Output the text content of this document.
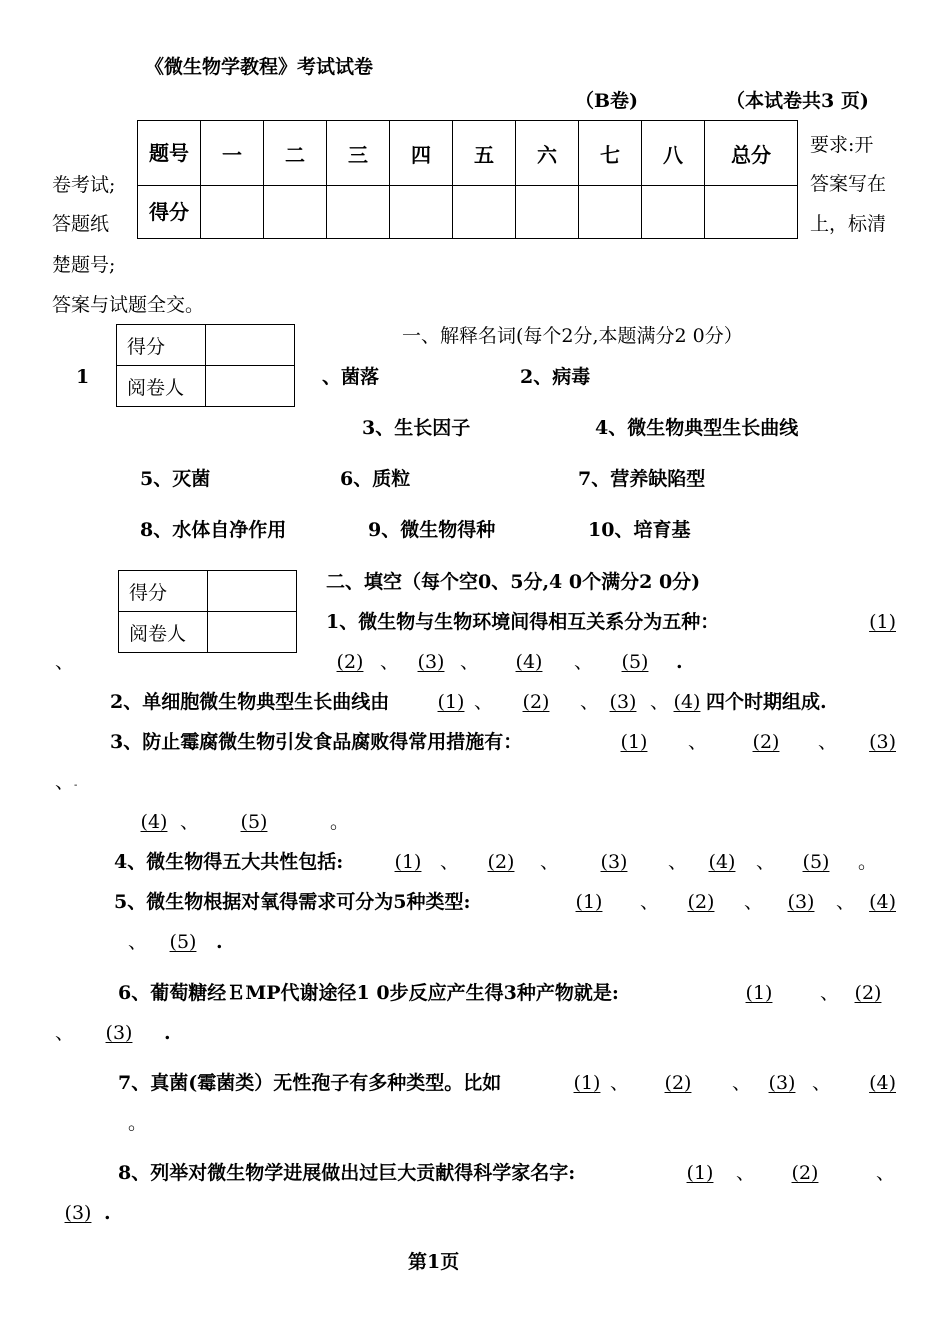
《微生物学教程》考试试卷
（B卷)	（本试卷共3 页)
卷考试;
答题纸
要求:开
答案写在
上，标清
楚题号;
答案与试题全交。
题号	一	二	三	四	五	六	七	八	总分
得分									
得分	
阅卷人	
一、解释名词(每个2分,本题满分2 0分）
1	、菌落	2、病毒
3、生长因子	4、微生物典型生长曲线
5、灭菌	6、质粒	7、营养缺陷型
8、水体自净作用	9、微生物得种	10、培育基
得分	
阅卷人	
二、填空（每个空0、5分,4 0个满分2 0分)
1、微生物与生物环境间得相互关系分为五种：	(1)
、	(2) 、 (3) 、	(4)	、	(5)	.
2、单细胞微生物典型生长曲线由	(1) 、	(2)	、 (3) 、 (4) 四个时期组成.
3、防止霉腐微生物引发食品腐败得常用措施有：	(1)	、	(2)	、	(3)
、-
(4) 、	(5)	。
4、微生物得五大共性包括:	(1) 、	(2)	、	(3)	、	(4)	、	(5)	。
5、微生物根据对氧得需求可分为5种类型:	(1)	、	(2)	、	(3)	、 (4)
、	(5)	.
6、葡萄糖经ＥMP代谢途径1 0步反应产生得3种产物就是:	(1)	、 (2)
、	(3)	.
7、真菌(霉菌类）无性孢子有多种类型。比如	(1) 、	(2)	、 (3) 、	(4)
。
8、列举对微生物学进展做出过巨大贡献得科学家名字:	(1)	、	(2)	、
(3) .
第1页
